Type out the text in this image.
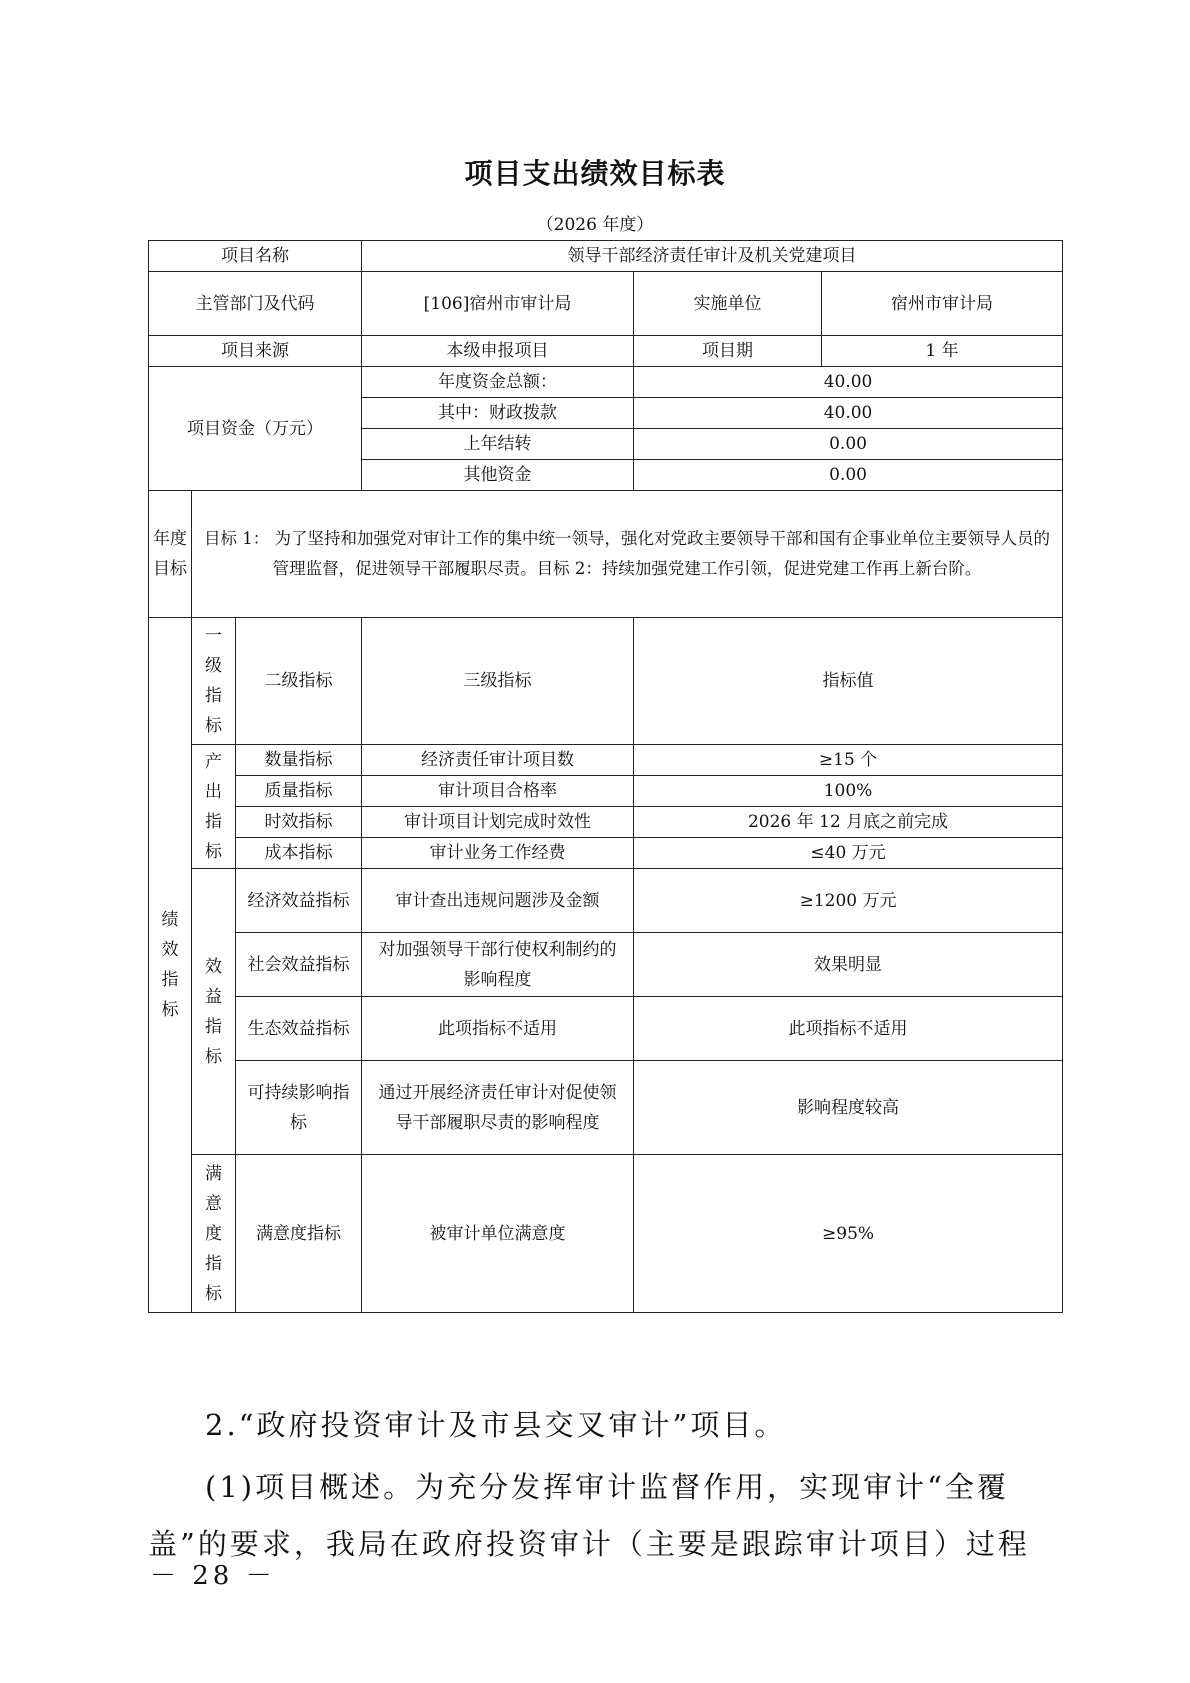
项目支出绩效目标表
（2026 年度）
项目名称			领导干部经济责任审计及机关党建项目		
主管部门及代码			[106]宿州市审计局	实施单位	宿州市审计局
项目来源			本级申报项目	项目期	1 年
项目资金（万元）			年度资金总额：	40.00	
			其中：财政拨款	40.00	
			上年结转	0.00	
			其他资金	0.00	
年度目标	目标 1： 为了坚持和加强党对审计工作的集中统一领导，强化对党政主要领导干部和国有企事业单位主要领导人员的管理监督，促进领导干部履职尽责。目标 2：持续加强党建工作引领，促进党建工作再上新台阶。				
绩效指标	一级指标	二级指标	三级指标	指标值	
	产出指标	数量指标	经济责任审计项目数	≥15 个	
		质量指标	审计项目合格率	100%	
		时效指标	审计项目计划完成时效性	2026 年 12 月底之前完成	
		成本指标	审计业务工作经费	≤40 万元	
	效益指标	经济效益指标	审计查出违规问题涉及金额	≥1200 万元	
		社会效益指标	对加强领导干部行使权利制约的影响程度	效果明显	
		生态效益指标	此项指标不适用	此项指标不适用	
		可持续影响指标	通过开展经济责任审计对促使领导干部履职尽责的影响程度	影响程度较高	
	满意度指标	满意度指标	被审计单位满意度	≥95%	
2.“政府投资审计及市县交叉审计”项目。
(1)项目概述。为充分发挥审计监督作用，实现审计“全覆
盖”的要求，我局在政府投资审计（主要是跟踪审计项目）过程
－ 28 －
